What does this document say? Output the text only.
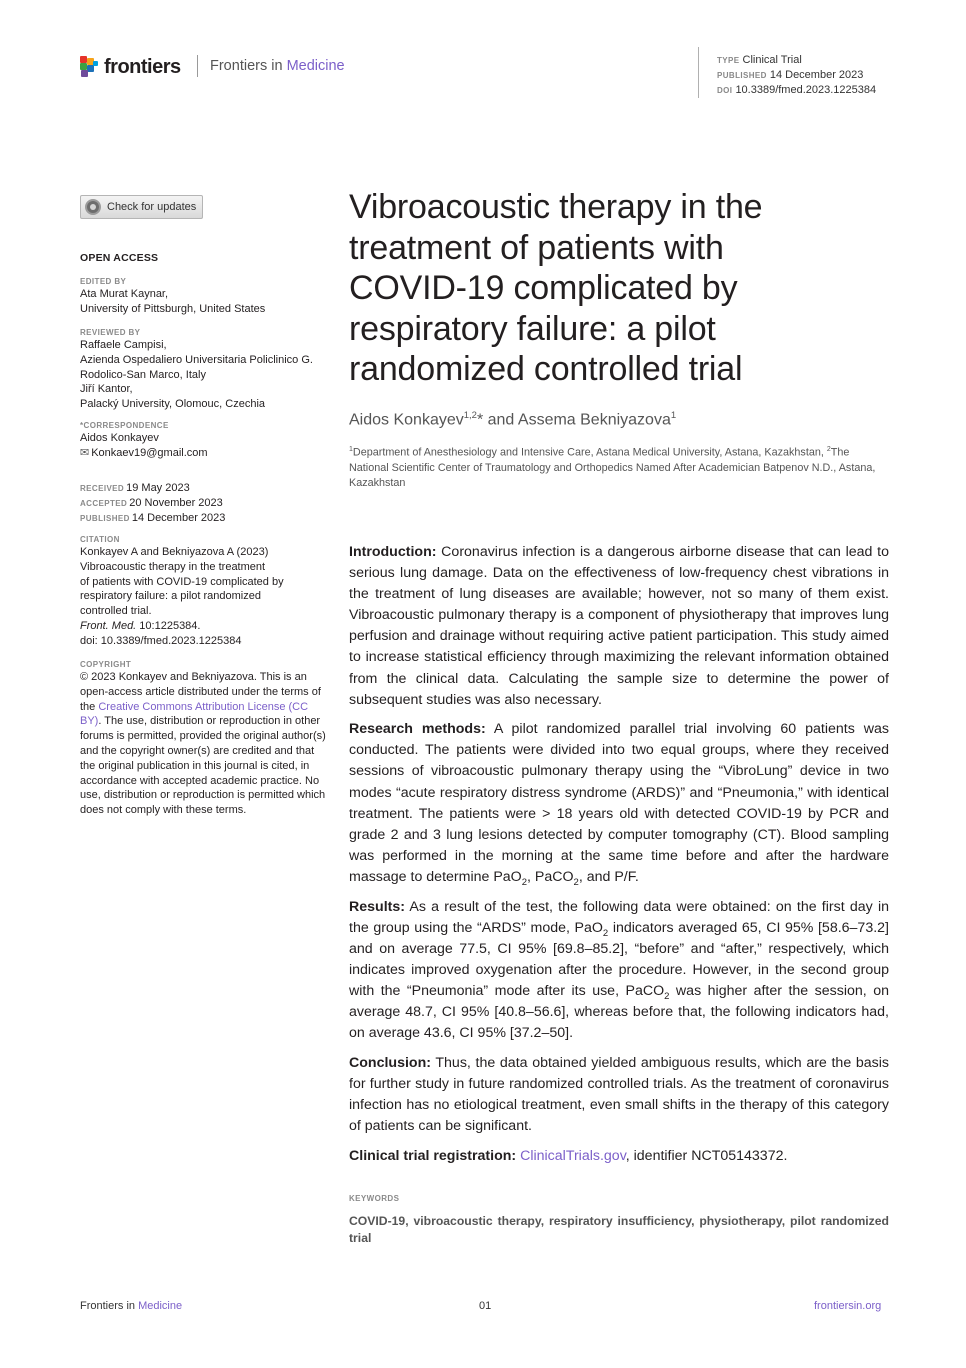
frontiers Frontiers in Medicine	TYPE Clinical Trial
PUBLISHED 14 December 2023
DOI 10.3389/fmed.2023.1225384
Check for updates
OPEN ACCESS
EDITED BY
Ata Murat Kaynar,
University of Pittsburgh, United States
REVIEWED BY
Raffaele Campisi,
Azienda Ospedaliero Universitaria Policlinico G.
Rodolico-San Marco, Italy
Jiří Kantor,
Palacký University, Olomouc, Czechia
*CORRESPONDENCE
Aidos Konkayev
✉ Konkaev19@gmail.com
RECEIVED 19 May 2023
ACCEPTED 20 November 2023
PUBLISHED 14 December 2023
CITATION
Konkayev A and Bekniyazova A (2023)
Vibroacoustic therapy in the treatment
of patients with COVID-19 complicated by
respiratory failure: a pilot randomized
controlled trial.
Front. Med. 10:1225384.
doi: 10.3389/fmed.2023.1225384
COPYRIGHT
© 2023 Konkayev and Bekniyazova. This is an open-access article distributed under the terms of the Creative Commons Attribution License (CC BY). The use, distribution or reproduction in other forums is permitted, provided the original author(s) and the copyright owner(s) are credited and that the original publication in this journal is cited, in accordance with accepted academic practice. No use, distribution or reproduction is permitted which does not comply with these terms.
Vibroacoustic therapy in the
treatment of patients with
COVID-19 complicated by
respiratory failure: a pilot
randomized controlled trial
Aidos Konkayev$^{1,2}$* and Assema Bekniyazova$^1$
$^1$Department of Anesthesiology and Intensive Care, Astana Medical University, Astana, Kazakhstan, $^2$The National Scientific Center of Traumatology and Orthopedics Named After Academician Batpenov N.D., Astana, Kazakhstan

Introduction: Coronavirus infection is a dangerous airborne disease that can lead to serious lung damage. Data on the effectiveness of low-frequency chest vibrations in the treatment of lung diseases are available; however, not so many of them exist. Vibroacoustic pulmonary therapy is a component of physiotherapy that improves lung perfusion and drainage without requiring active patient participation. This study aimed to increase statistical efficiency through maximizing the relevant information obtained from the clinical data. Calculating the sample size to determine the power of subsequent studies was also necessary.

Research methods: A pilot randomized parallel trial involving 60 patients was conducted. The patients were divided into two equal groups, where they received sessions of vibroacoustic pulmonary therapy using the “VibroLung” device in two modes “acute respiratory distress syndrome (ARDS)” and “Pneumonia,” with identical treatment. The patients were > 18 years old with detected COVID-19 by PCR and grade 2 and 3 lung lesions detected by computer tomography (CT). Blood sampling was performed in the morning at the same time before and after the hardware massage to determine PaO$_2$, PaCO$_2$, and P/F.

Results: As a result of the test, the following data were obtained: on the first day in the group using the “ARDS” mode, PaO$_2$ indicators averaged 65, CI 95% [58.6–73.2] and on average 77.5, CI 95% [69.8–85.2], “before” and “after,” respectively, which indicates improved oxygenation after the procedure. However, in the second group with the “Pneumonia” mode after its use, PaCO$_2$ was higher after the session, on average 48.7, CI 95% [40.8–56.6], whereas before that, the following indicators had, on average 43.6, CI 95% [37.2–50].

Conclusion: Thus, the data obtained yielded ambiguous results, which are the basis for further study in future randomized controlled trials. As the treatment of coronavirus infection has no etiological treatment, even small shifts in the therapy of this category of patients can be significant.

Clinical trial registration: ClinicalTrials.gov, identifier NCT05143372.

KEYWORDS
COVID-19, vibroacoustic therapy, respiratory insufficiency, physiotherapy, pilot randomized trial
Frontiers in Medicine	01	frontiersin.org
